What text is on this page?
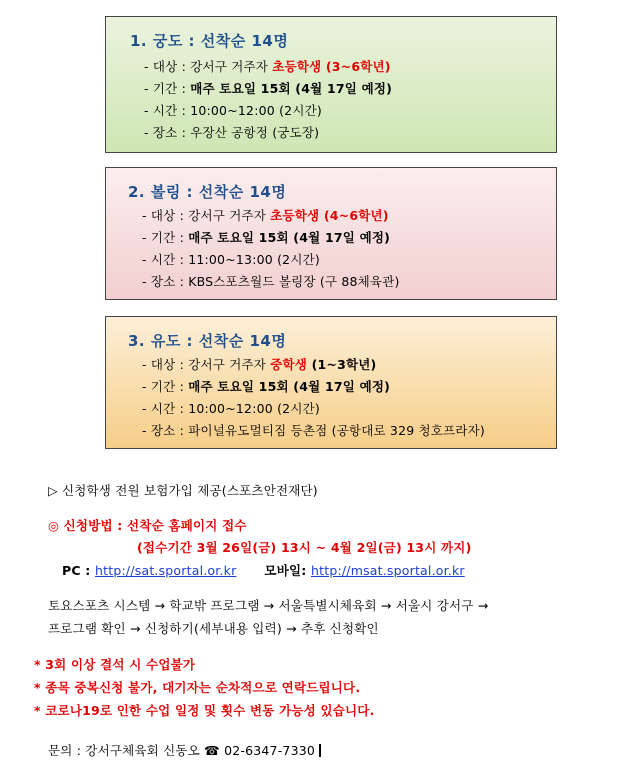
1. 궁도 : 선착순 14명
- 대상 : 강서구 거주자 초등학생 (3~6학년)
- 기간 : 매주 토요일 15회 (4월 17일 예정)
- 시간 : 10:00~12:00 (2시간)
- 장소 : 우장산 공항정 (궁도장)
2. 볼링 : 선착순 14명
- 대상 : 강서구 거주자 초등학생 (4~6학년)
- 기간 : 매주 토요일 15회 (4월 17일 예정)
- 시간 : 11:00~13:00 (2시간)
- 장소 : KBS스포츠월드 볼링장 (구 88체육관)
3. 유도 : 선착순 14명
- 대상 : 강서구 거주자 중학생 (1~3학년)
- 기간 : 매주 토요일 15회 (4월 17일 예정)
- 시간 : 10:00~12:00 (2시간)
- 장소 : 파이널유도멀티짐 등촌점 (공항대로 329 청호프라자)
▷ 신청학생 전원 보험가입 제공(스포츠안전재단)
◎ 신청방법 : 선착순 홈페이지 접수
(접수기간 3월 26일(금) 13시 ~ 4월 2일(금) 13시 까지)
PC : http://sat.sportal.or.kr 모바일: http://msat.sportal.or.kr
토요스포츠 시스템 → 학교밖 프로그램 → 서울특별시체육회 → 서울시 강서구 →
프로그램 확인 → 신청하기(세부내용 입력) → 추후 신청확인
* 3회 이상 결석 시 수업불가
* 종목 중복신청 불가, 대기자는 순차적으로 연락드립니다.
* 코로나19로 인한 수업 일정 및 횟수 변동 가능성 있습니다.
문의 : 강서구체육회 신동오 ☎ 02-6347-7330
